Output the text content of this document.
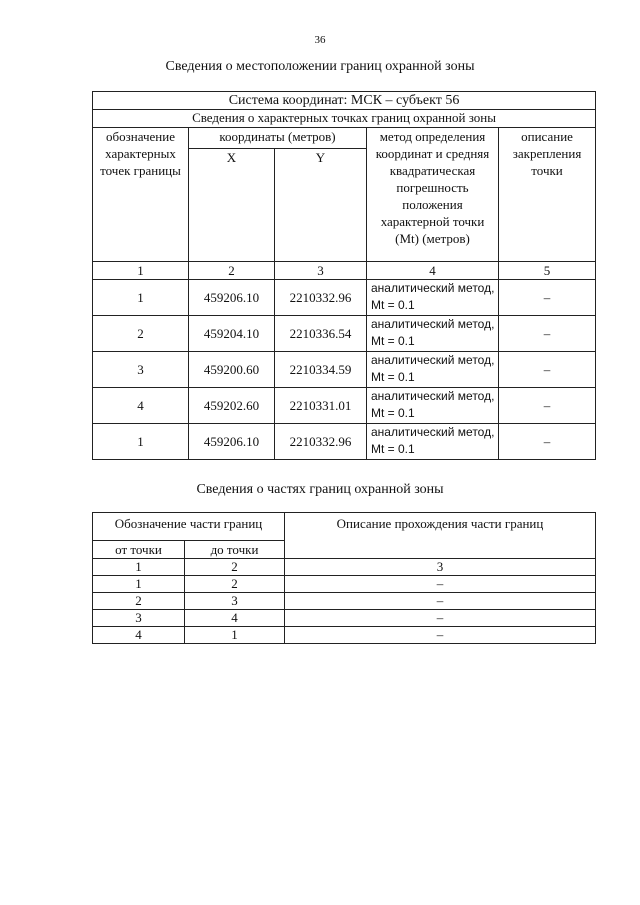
36
Сведения о местоположении границ охранной зоны
Система координат: МСК – субъект 56				
Сведения о характерных точках границ охранной зоны				
обозначение характерных точек границы	координаты (метров)		метод определения координат и средняя квадратическая погрешность положения характерной точки (Mt) (метров)	описание закрепления точки
	X	Y		
1	2	3	4	5
1	459206.10	2210332.96	аналитический метод, Mt = 0.1	–
2	459204.10	2210336.54	аналитический метод, Mt = 0.1	–
3	459200.60	2210334.59	аналитический метод, Mt = 0.1	–
4	459202.60	2210331.01	аналитический метод, Mt = 0.1	–
1	459206.10	2210332.96	аналитический метод, Mt = 0.1	–
Сведения о частях границ охранной зоны
Обозначение части границ		Описание прохождения части границ
от точки	до точки	
1	2	3
1	2	–
2	3	–
3	4	–
4	1	–
